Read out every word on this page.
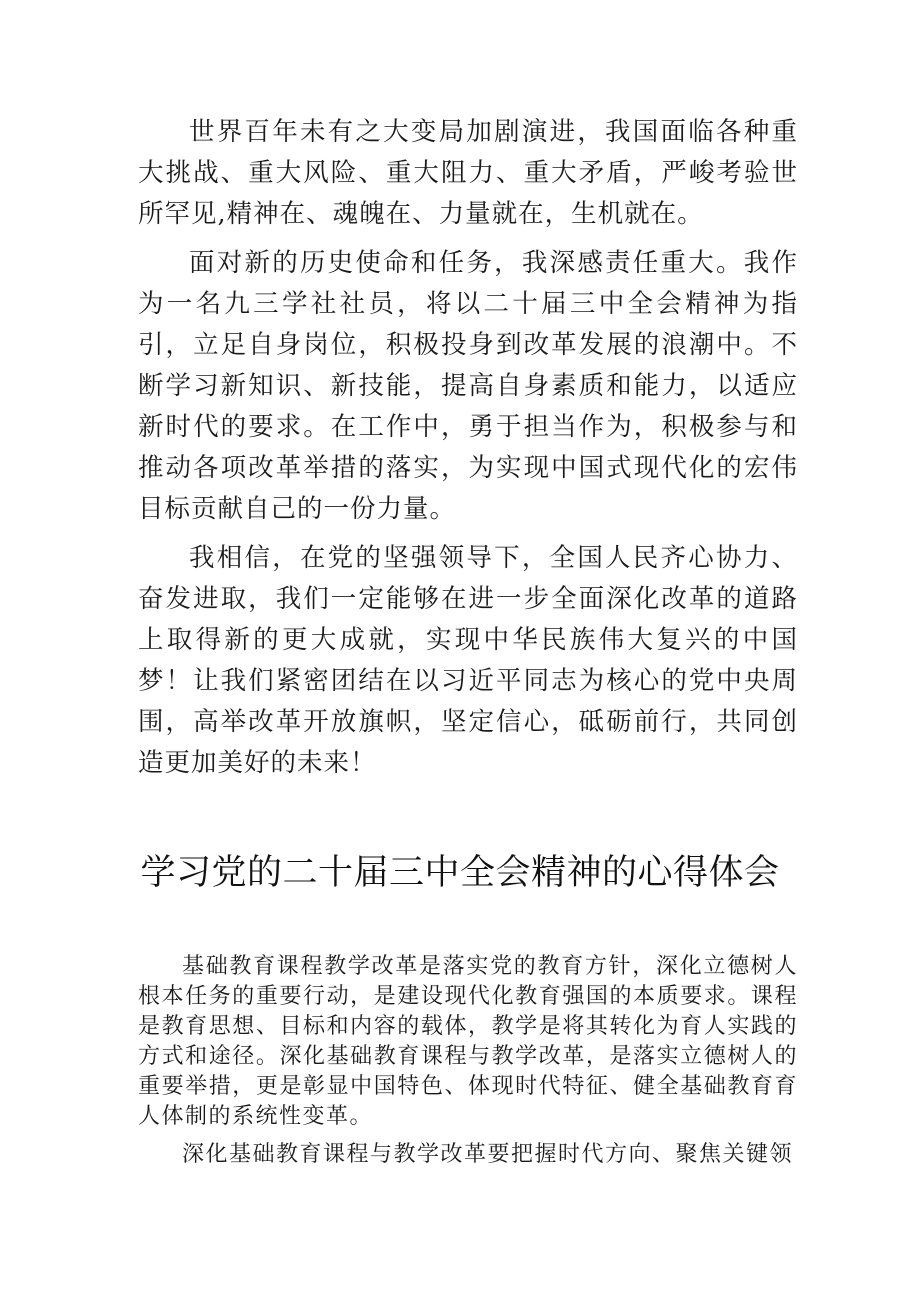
世界百年未有之大变局加剧演进，我国面临各种重大挑战、重大风险、重大阻力、重大矛盾，严峻考验世所罕见,精神在、魂魄在、力量就在，生机就在。

面对新的历史使命和任务，我深感责任重大。我作为一名九三学社社员，将以二十届三中全会精神为指引，立足自身岗位，积极投身到改革发展的浪潮中。不断学习新知识、新技能，提高自身素质和能力，以适应新时代的要求。在工作中，勇于担当作为，积极参与和推动各项改革举措的落实，为实现中国式现代化的宏伟目标贡献自己的一份力量。

我相信，在党的坚强领导下，全国人民齐心协力、奋发进取，我们一定能够在进一步全面深化改革的道路上取得新的更大成就，实现中华民族伟大复兴的中国梦！让我们紧密团结在以习近平同志为核心的党中央周围，高举改革开放旗帜，坚定信心，砥砺前行，共同创造更加美好的未来！

学习党的二十届三中全会精神的心得体会

基础教育课程教学改革是落实党的教育方针，深化立德树人根本任务的重要行动，是建设现代化教育强国的本质要求。课程是教育思想、目标和内容的载体，教学是将其转化为育人实践的方式和途径。深化基础教育课程与教学改革，是落实立德树人的重要举措，更是彰显中国特色、体现时代特征、健全基础教育育人体制的系统性变革。

深化基础教育课程与教学改革要把握时代方向、聚焦关键领
